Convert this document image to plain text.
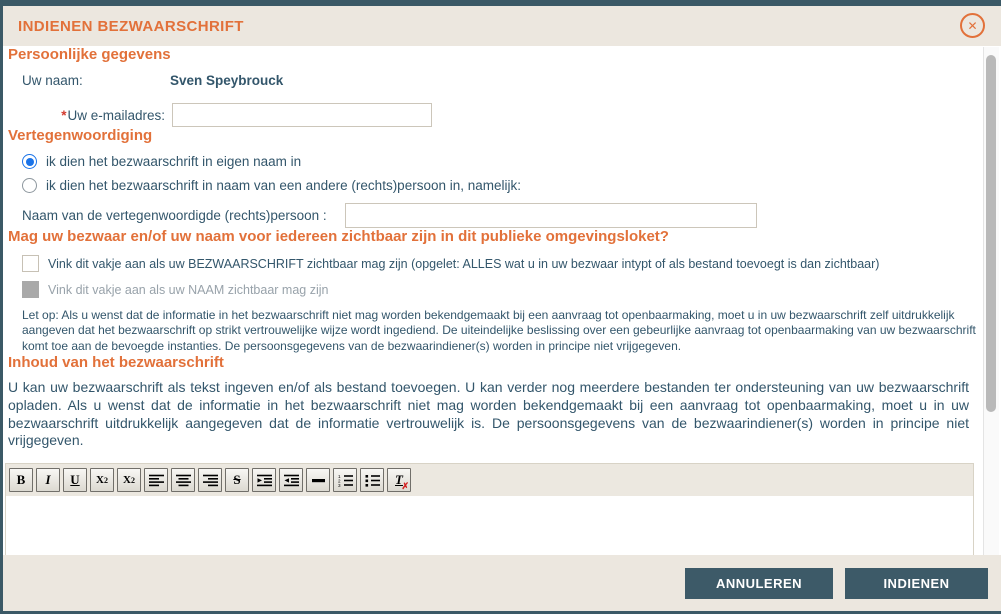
INDIENEN BEZWAARSCHRIFT	✕
Persoonlijke gegevens
Uw naam:	Sven Speybrouck
*Uw e-mailadres:
Vertegenwoordiging
ik dien het bezwaarschrift in eigen naam in
ik dien het bezwaarschrift in naam van een andere (rechts)persoon in, namelijk:
Naam van de vertegenwoordigde (rechts)persoon :
Mag uw bezwaar en/of uw naam voor iedereen zichtbaar zijn in dit publieke omgevingsloket?
Vink dit vakje aan als uw BEZWAARSCHRIFT zichtbaar mag zijn (opgelet: ALLES wat u in uw bezwaar intypt of als bestand toevoegt is dan zichtbaar)
Vink dit vakje aan als uw NAAM zichtbaar mag zijn
Let op: Als u wenst dat de informatie in het bezwaarschrift niet mag worden bekendgemaakt bij een aanvraag tot openbaarmaking, moet u in uw bezwaarschrift zelf uitdrukkelijk aangeven dat het bezwaarschrift op strikt vertrouwelijke wijze wordt ingediend. De uiteindelijke beslissing over een gebeurlijke aanvraag tot openbaarmaking van uw bezwaarschrift komt toe aan de bevoegde instanties. De persoonsgegevens van de bezwaarindiener(s) worden in principe niet vrijgegeven.
Inhoud van het bezwaarschrift
U kan uw bezwaarschrift als tekst ingeven en/of als bestand toevoegen. U kan verder nog meerdere bestanden ter ondersteuning van uw bezwaarschrift opladen. Als u wenst dat de informatie in het bezwaarschrift niet mag worden bekendgemaakt bij een aanvraag tot openbaarmaking, moet u in uw bezwaarschrift uitdrukkelijk aangegeven dat de informatie vertrouwelijk is. De persoonsgegevens van de bezwaarindiener(s) worden in principe niet vrijgegeven.
B	I	U	X 2 X 2	S	1
2
3	T
✗
ANNULEREN	INDIENEN
